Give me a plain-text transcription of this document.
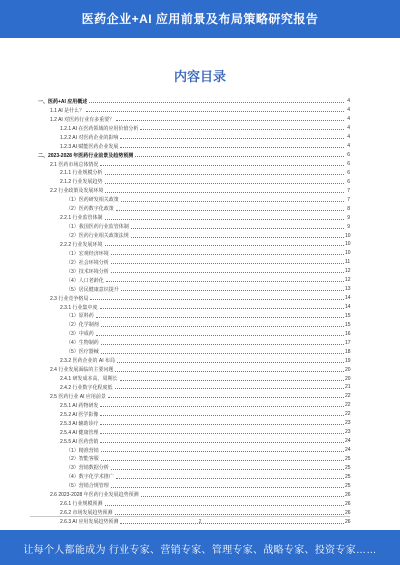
医药企业+AI 应用前景及布局策略研究报告
内容目录
一、医药+AI 应用概述	4
1.1 AI 是什么？	4
1.2 AI 对医药行业有多重要？	4
1.2.1 AI 在医药领域的应用价值分析	4
1.2.2 AI 对医药企业的影响	4
1.2.3 AI 赋能医药企业发展	4
二、2023-2028 年医药行业前景及趋势预测	6
2.1 医药市场总体情况	6
2.1.1 行业规模分析	6
2.1.2 行业发展趋势	6
2.2 行业政策及发展环境	7
（1）医药研发相关政策	7
（2）医药数字化政策	8
2.2.1 行业监管体制	9
（1）我国医药行业监管体制	9
（2）医药行业相关政策法规	10
2.2.2 行业发展环境	10
（1）宏观经济环境	10
（2）社会环境分析	11
（3）技术环境分析	12
（4）人口老龄化	12
（5）居民健康意识提升	13
2.3 行业竞争格局	14
2.3.1 行业集中度	14
（1）原料药	15
（2）化学制剂	15
（3）中成药	16
（4）生物制药	17
（5）医疗器械	18
2.3.2 医药企业的 AI 布局	19
2.4 行业发展面临的主要问题	20
2.4.1 研发成本高、周期长	20
2.4.2 行业数字化程度低	21
2.5 医药行业 AI 应用前景	22
2.5.1 AI 药物研发	22
2.5.2 AI 医学影像	22
2.5.3 AI 辅助诊疗	23
2.5.4 AI 健康管理	23
2.5.5 AI 医药营销	24
（1）精准营销	24
（2）智能客服	25
（3）营销数据分析	25
（4）数字化学术推广	25
（5）营销合规管理	25
2.6 2023-2028 年医药行业发展趋势预测	26
2.6.1 行业规模预测	26
2.6.2 市场发展趋势预测	26
2.6.3 AI 应用发展趋势预测	26
2
让每个人都能成为 行业专家、营销专家、管理专家、战略专家、投资专家……
